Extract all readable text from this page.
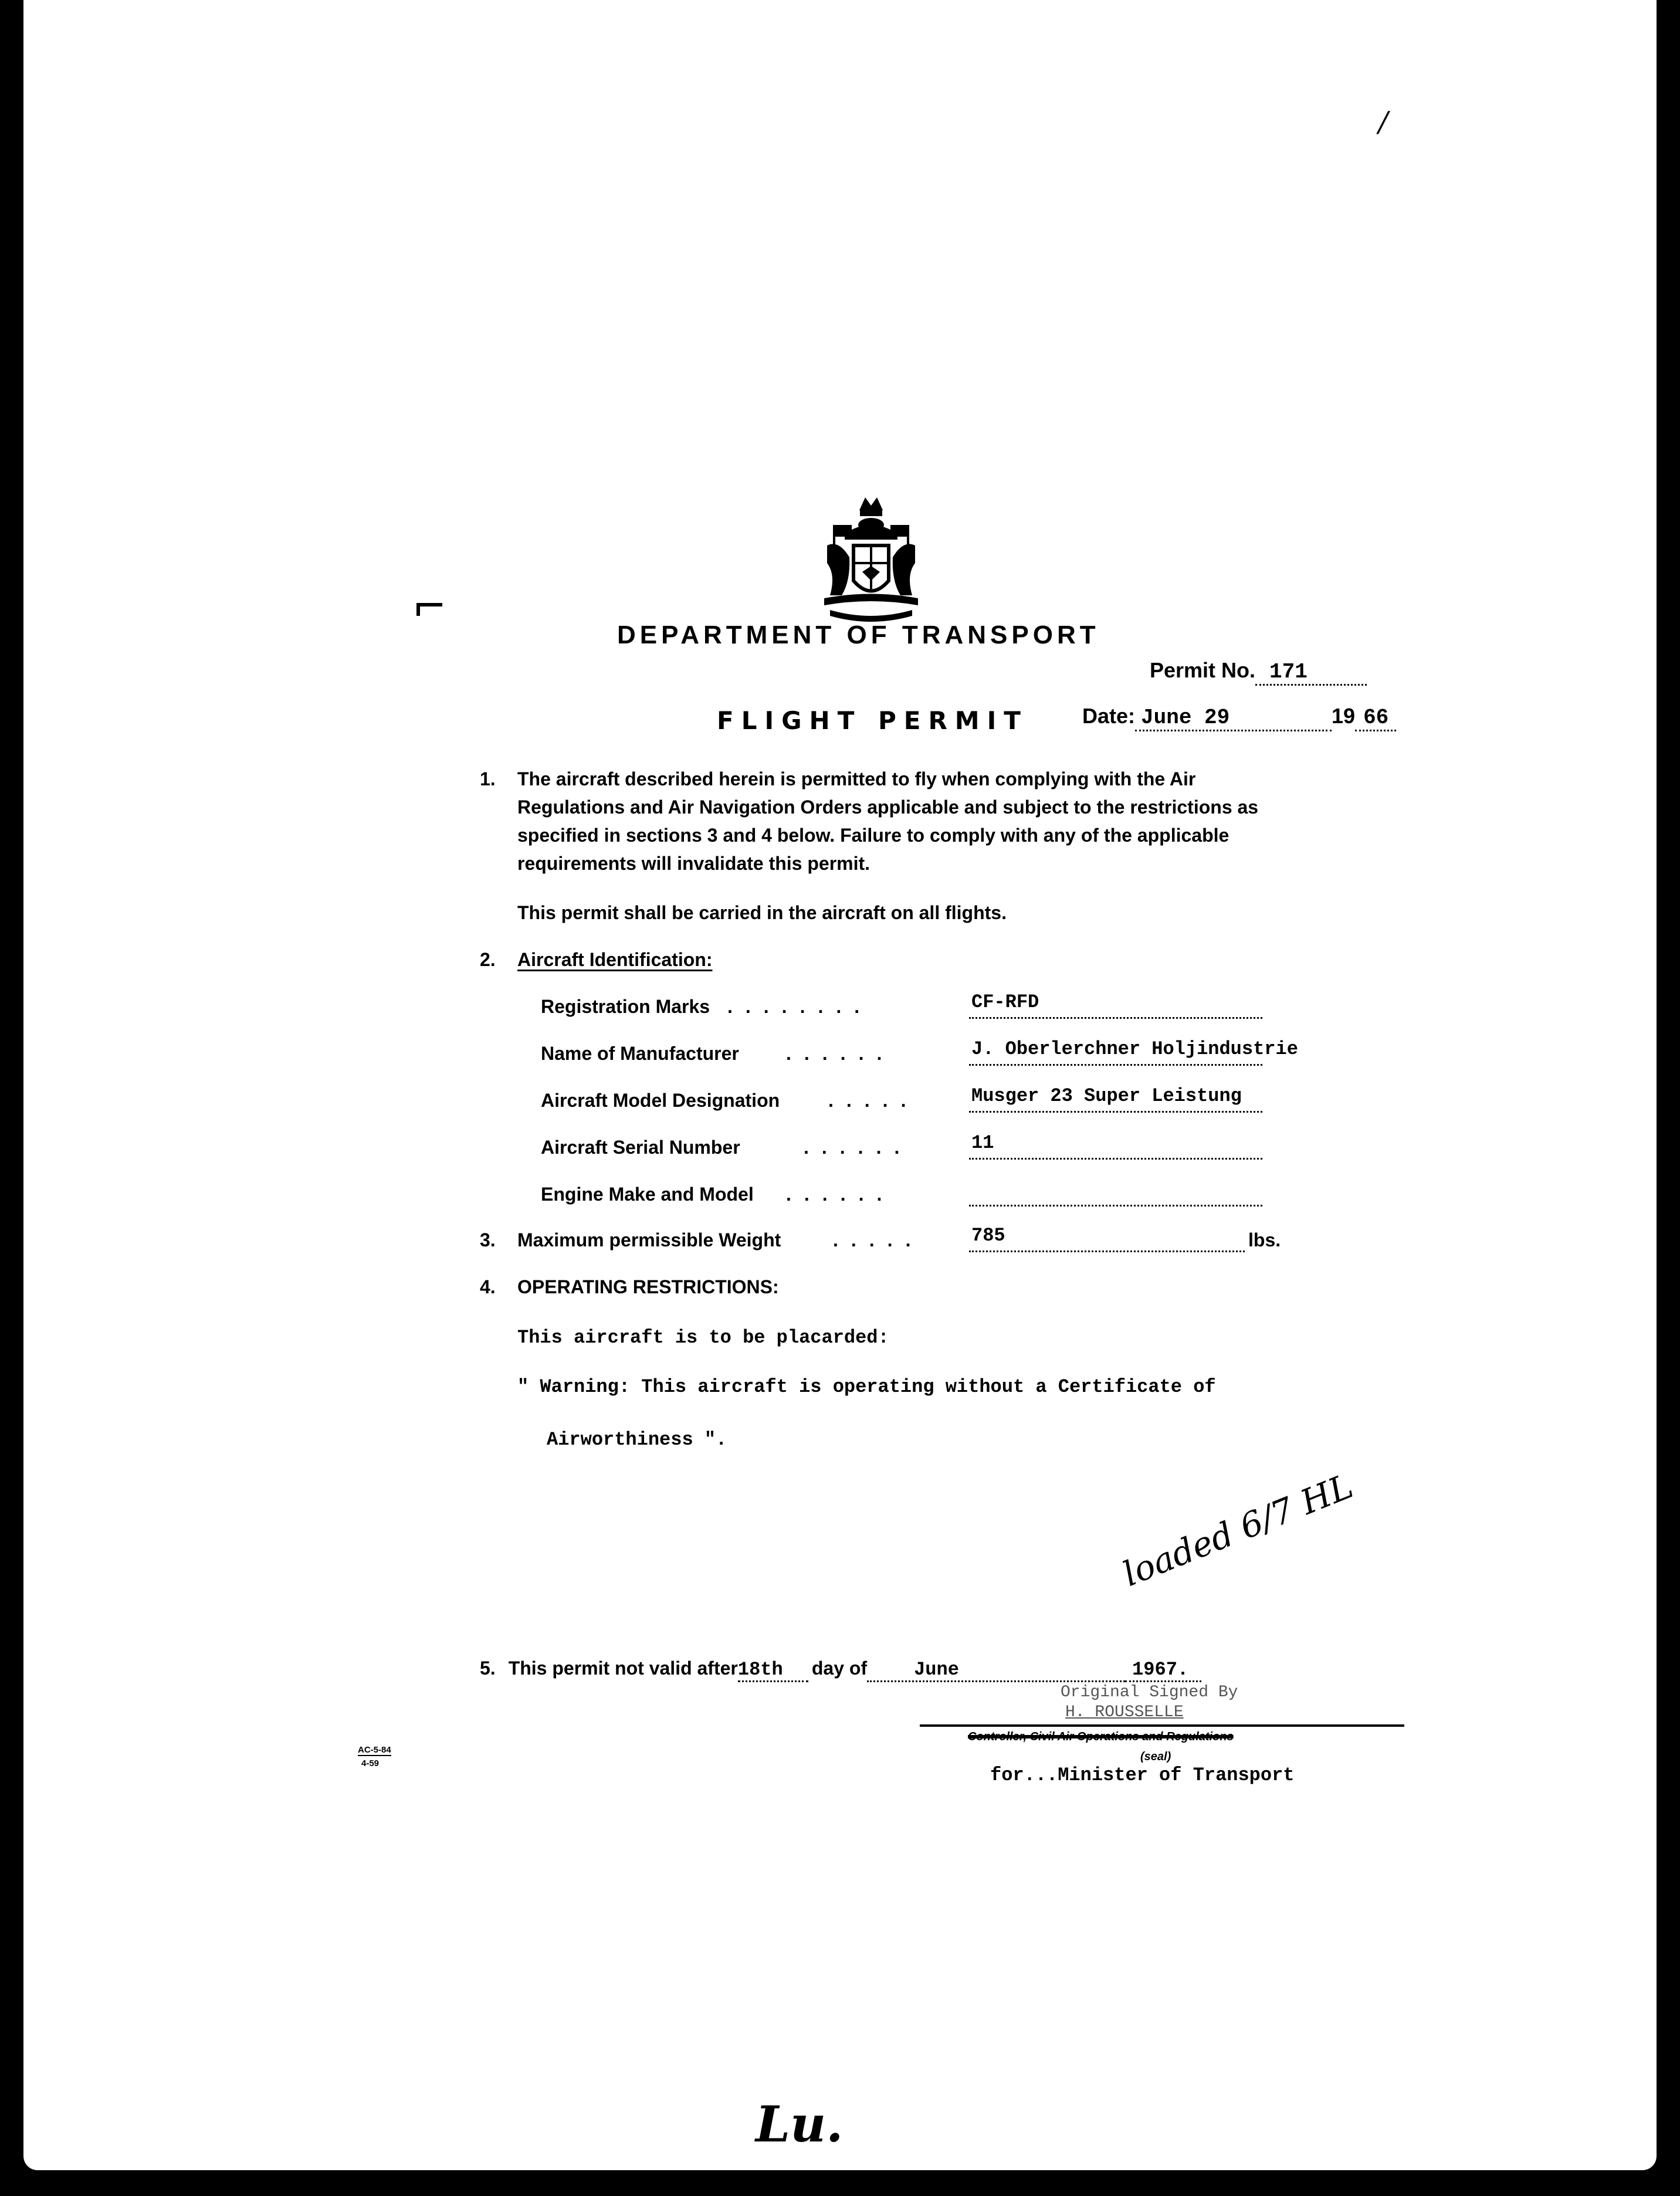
/
DEPARTMENT OF TRANSPORT
Permit No. 171
FLIGHT PERMIT	Date: June 29	19 66
1. The aircraft described herein is permitted to fly when complying with the Air Regulations and Air Navigation Orders applicable and subject to the restrictions as specified in sections 3 and 4 below. Failure to comply with any of the applicable requirements will invalidate this permit.
This permit shall be carried in the aircraft on all flights.
2. Aircraft Identification:
Registration Marks ........	CF-RFD
Name of Manufacturer	......	J. Oberlerchner Holjindustrie
Aircraft Model Designation	.....	Musger 23 Super Leistung
Aircraft Serial Number	......	11
Engine Make and Model ......
3. Maximum permissible Weight	.....	785	lbs.
4. OPERATING RESTRICTIONS:
This aircraft is to be placarded:
" Warning: This aircraft is operating without a Certificate of
Airworthiness ".
loaded 6/7 HL
5. This permit not valid after18th day of	June	1967.
Original Signed By
H. ROUSSELLE
Controller, Civil Air Operations and Regulations
(seal)
for...Minister of Transport
AC-5-84
4-59
Lu.
